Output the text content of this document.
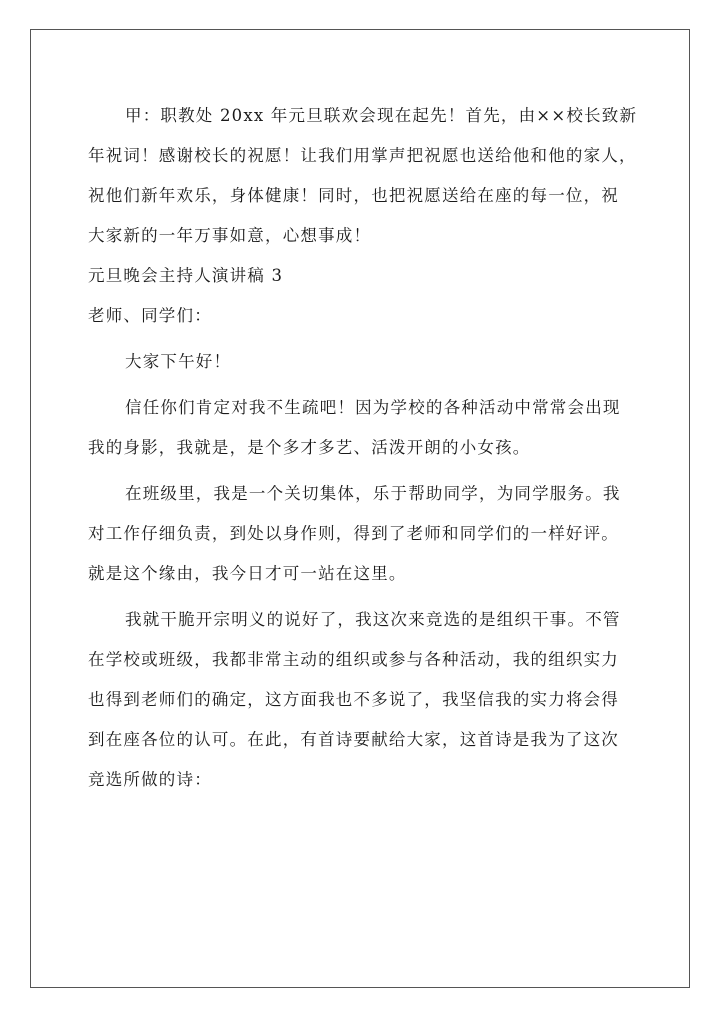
甲：职教处 20xx 年元旦联欢会现在起先！首先，由××校长致新
年祝词！感谢校长的祝愿！让我们用掌声把祝愿也送给他和他的家人，
祝他们新年欢乐，身体健康！同时，也把祝愿送给在座的每一位，祝
大家新的一年万事如意，心想事成！
元旦晚会主持人演讲稿 3
老师、同学们：
大家下午好！
信任你们肯定对我不生疏吧！因为学校的各种活动中常常会出现
我的身影，我就是，是个多才多艺、活泼开朗的小女孩。
在班级里，我是一个关切集体，乐于帮助同学，为同学服务。我
对工作仔细负责，到处以身作则，得到了老师和同学们的一样好评。
就是这个缘由，我今日才可一站在这里。
我就干脆开宗明义的说好了，我这次来竞选的是组织干事。不管
在学校或班级，我都非常主动的组织或参与各种活动，我的组织实力
也得到老师们的确定，这方面我也不多说了，我坚信我的实力将会得
到在座各位的认可。在此，有首诗要献给大家，这首诗是我为了这次
竞选所做的诗：
